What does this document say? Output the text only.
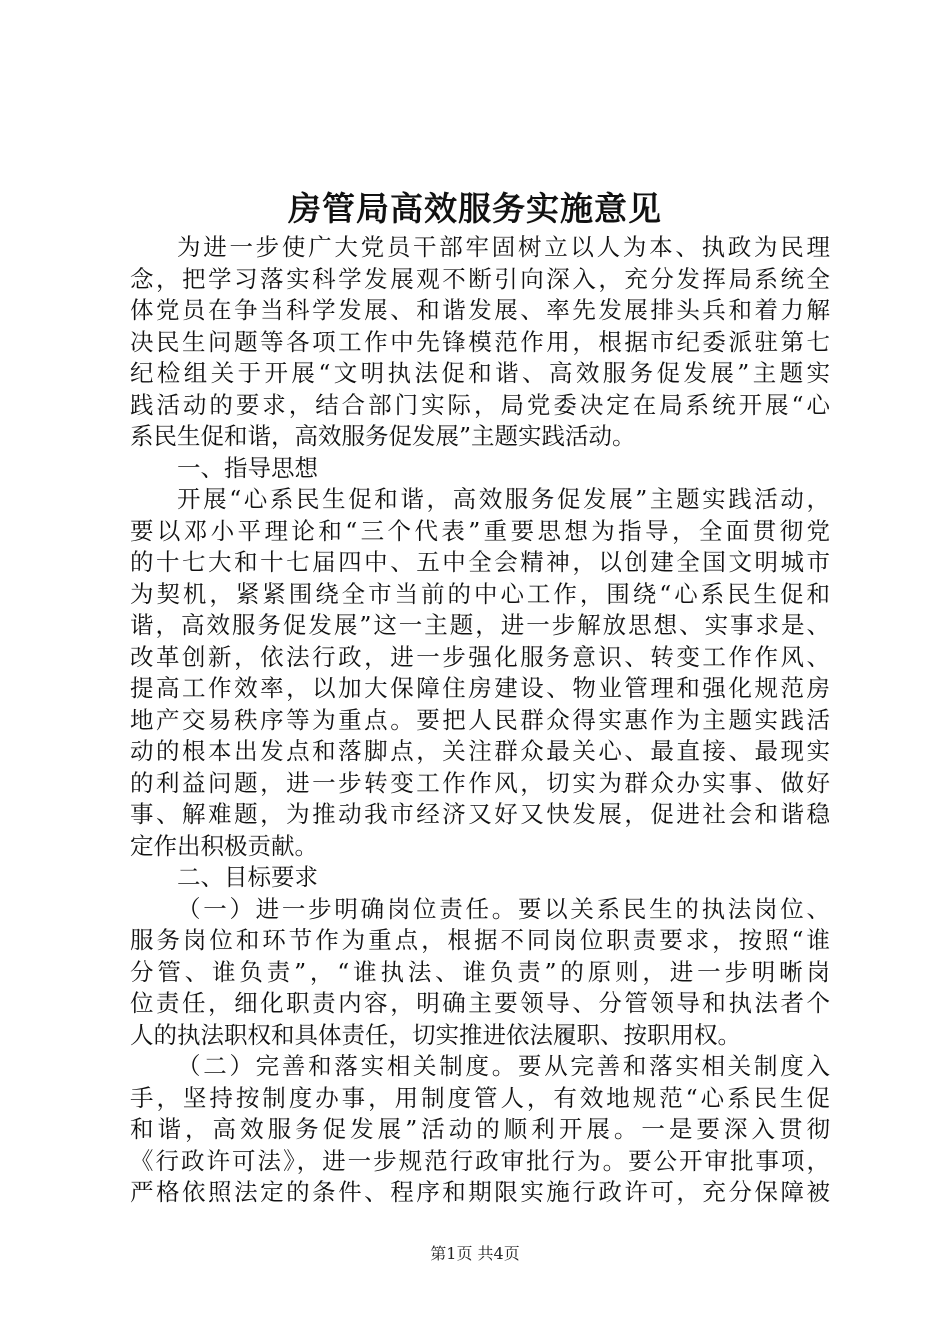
房管局高效服务实施意见
为进一步使广大党员干部牢固树立以人为本、执政为民理
念，把学习落实科学发展观不断引向深入，充分发挥局系统全
体党员在争当科学发展、和谐发展、率先发展排头兵和着力解
决民生问题等各项工作中先锋模范作用，根据市纪委派驻第七
纪检组关于开展“文明执法促和谐、高效服务促发展”主题实
践活动的要求，结合部门实际，局党委决定在局系统开展“心
系民生促和谐，高效服务促发展”主题实践活动。
一、指导思想
开展“心系民生促和谐，高效服务促发展”主题实践活动，
要以邓小平理论和“三个代表”重要思想为指导，全面贯彻党
的十七大和十七届四中、五中全会精神，以创建全国文明城市
为契机，紧紧围绕全市当前的中心工作，围绕“心系民生促和
谐，高效服务促发展”这一主题，进一步解放思想、实事求是、
改革创新，依法行政，进一步强化服务意识、转变工作作风、
提高工作效率，以加大保障住房建设、物业管理和强化规范房
地产交易秩序等为重点。要把人民群众得实惠作为主题实践活
动的根本出发点和落脚点，关注群众最关心、最直接、最现实
的利益问题，进一步转变工作作风，切实为群众办实事、做好
事、解难题，为推动我市经济又好又快发展，促进社会和谐稳
定作出积极贡献。
二、目标要求
（一）进一步明确岗位责任。要以关系民生的执法岗位、
服务岗位和环节作为重点，根据不同岗位职责要求，按照“谁
分管、谁负责”，“谁执法、谁负责”的原则，进一步明晰岗
位责任，细化职责内容，明确主要领导、分管领导和执法者个
人的执法职权和具体责任，切实推进依法履职、按职用权。
（二）完善和落实相关制度。要从完善和落实相关制度入
手，坚持按制度办事，用制度管人，有效地规范“心系民生促
和谐，高效服务促发展”活动的顺利开展。一是要深入贯彻
《行政许可法》，进一步规范行政审批行为。要公开审批事项，
严格依照法定的条件、程序和期限实施行政许可，充分保障被
第1页 共4页
